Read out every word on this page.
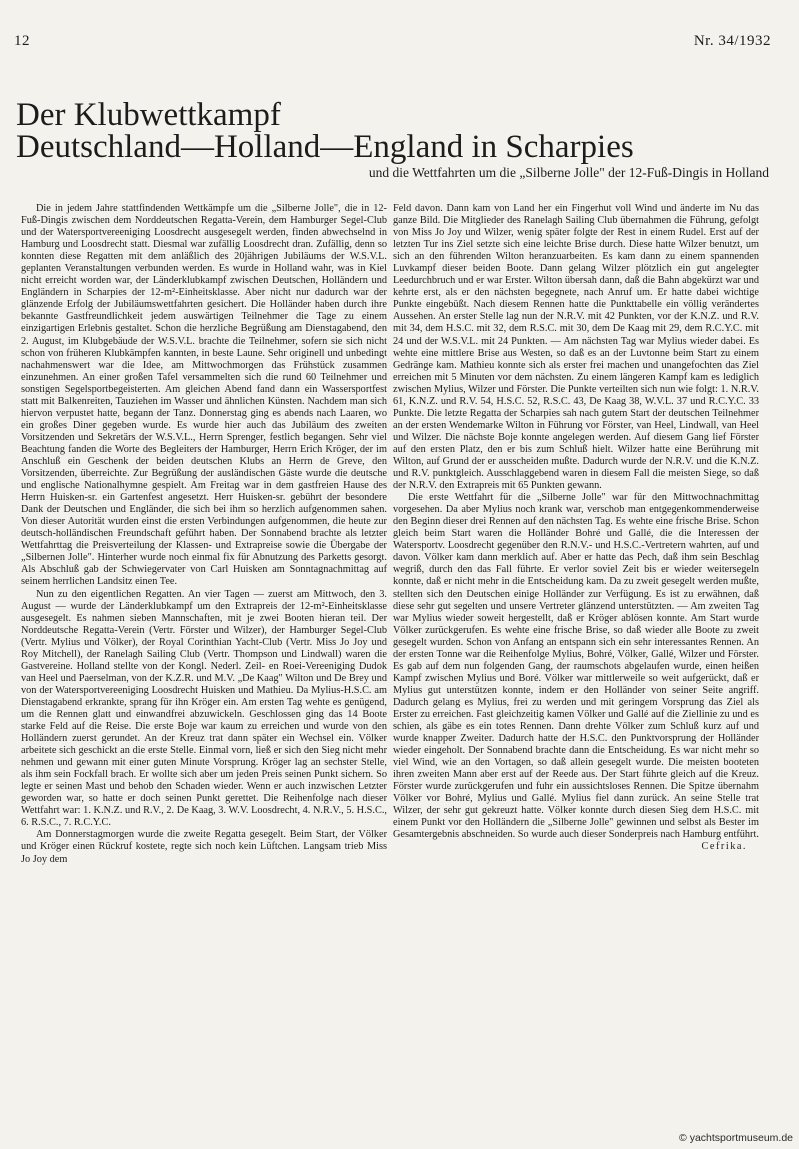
12	Nr. 34/1932
Der Klubwettkampf
Deutschland—Holland—England in Scharpies
und die Wettfahrten um die „Silberne Jolle" der 12-Fuß-Dingis in Holland

Die in jedem Jahre stattfindenden Wettkämpfe um die „Silberne Jolle", die in 12-Fuß-Dingis zwischen dem Norddeutschen Regatta-Verein, dem Hamburger Segel-Club und der Watersportvereeniging Loosdrecht ausgesegelt werden, finden abwechselnd in Hamburg und Loosdrecht statt. Diesmal war zufällig Loosdrecht dran. Zufällig, denn so konnten diese Regatten mit dem anläßlich des 20jährigen Jubiläums der W.S.V.L. geplanten Veranstaltungen verbunden werden. Es wurde in Holland wahr, was in Kiel nicht erreicht worden war, der Länderklubkampf zwischen Deutschen, Holländern und Engländern in Scharpies der 12-m²-Einheitsklasse. Aber nicht nur dadurch war der glänzende Erfolg der Jubiläumswettfahrten gesichert. Die Holländer haben durch ihre bekannte Gastfreundlichkeit jedem auswärtigen Teilnehmer die Tage zu einem einzigartigen Erlebnis gestaltet. Schon die herzliche Begrüßung am Dienstagabend, den 2. August, im Klubgebäude der W.S.V.L. brachte die Teilnehmer, sofern sie sich nicht schon von früheren Klubkämpfen kannten, in beste Laune. Sehr originell und unbedingt nachahmenswert war die Idee, am Mittwochmorgen das Frühstück zusammen einzunehmen. An einer großen Tafel versammelten sich die rund 60 Teilnehmer und sonstigen Segelsportbegeisterten. Am gleichen Abend fand dann ein Wassersportfest statt mit Balkenreiten, Tauziehen im Wasser und ähnlichen Künsten. Nachdem man sich hiervon verpustet hatte, begann der Tanz. Donnerstag ging es abends nach Laaren, wo ein großes Diner gegeben wurde. Es wurde hier auch das Jubiläum des zweiten Vorsitzenden und Sekretärs der W.S.V.L., Herrn Sprenger, festlich begangen. Sehr viel Beachtung fanden die Worte des Begleiters der Hamburger, Herrn Erich Kröger, der im Anschluß ein Geschenk der beiden deutschen Klubs an Herrn de Greve, den Vorsitzenden, überreichte. Zur Begrüßung der ausländischen Gäste wurde die deutsche und englische Nationalhymne gespielt. Am Freitag war in dem gastfreien Hause des Herrn Huisken-sr. ein Gartenfest angesetzt. Herr Huisken-sr. gebührt der besondere Dank der Deutschen und Engländer, die sich bei ihm so herzlich aufgenommen sahen. Von dieser Autorität wurden einst die ersten Verbindungen aufgenommen, die heute zur deutsch-holländischen Freundschaft geführt haben. Der Sonnabend brachte als letzter Wettfahrttag die Preisverteilung der Klassen- und Extrapreise sowie die Übergabe der „Silbernen Jolle". Hinterher wurde noch einmal fix für Abnutzung des Parketts gesorgt. Als Abschluß gab der Schwiegervater von Carl Huisken am Sonntagnachmittag auf seinem herrlichen Landsitz einen Tee.

Nun zu den eigentlichen Regatten. An vier Tagen — zuerst am Mittwoch, den 3. August — wurde der Länderklubkampf um den Extrapreis der 12-m²-Einheitsklasse ausgesegelt. Es nahmen sieben Mannschaften, mit je zwei Booten hieran teil. Der Norddeutsche Regatta-Verein (Vertr. Förster und Wilzer), der Hamburger Segel-Club (Vertr. Mylius und Völker), der Royal Corinthian Yacht-Club (Vertr. Miss Jo Joy und Roy Mitchell), der Ranelagh Sailing Club (Vertr. Thompson und Lindwall) waren die Gastvereine. Holland stellte von der Kongl. Nederl. Zeil- en Roei-Vereeniging Dudok van Heel und Paerselman, von der K.Z.R. und M.V. „De Kaag" Wilton und De Brey und von der Watersportvereeniging Loosdrecht Huisken und Mathieu. Da Mylius-H.S.C. am Dienstagabend erkrankte, sprang für ihn Kröger ein. Am ersten Tag wehte es genügend, um die Rennen glatt und einwandfrei abzuwickeln. Geschlossen ging das 14 Boote starke Feld auf die Reise. Die erste Boje war kaum zu erreichen und wurde von den Holländern zuerst gerundet. An der Kreuz trat dann später ein Wechsel ein. Völker arbeitete sich geschickt an die erste Stelle. Einmal vorn, ließ er sich den Sieg nicht mehr nehmen und gewann mit einer guten Minute Vorsprung. Kröger lag an sechster Stelle, als ihm sein Fockfall brach. Er wollte sich aber um jeden Preis seinen Punkt sichern. So legte er seinen Mast und behob den Schaden wieder. Wenn er auch inzwischen Letzter geworden war, so hatte er doch seinen Punkt gerettet. Die Reihenfolge nach dieser Wettfahrt war: 1. K.N.Z. und R.V., 2. De Kaag, 3. W.V. Loosdrecht, 4. N.R.V., 5. H.S.C., 6. R.S.C., 7. R.C.Y.C.

Am Donnerstagmorgen wurde die zweite Regatta gesegelt. Beim Start, der Völker und Kröger einen Rückruf kostete, regte sich noch kein Lüftchen. Langsam trieb Miss Jo Joy dem

Feld davon. Dann kam von Land her ein Fingerhut voll Wind und änderte im Nu das ganze Bild. Die Mitglieder des Ranelagh Sailing Club übernahmen die Führung, gefolgt von Miss Jo Joy und Wilzer, wenig später folgte der Rest in einem Rudel. Erst auf der letzten Tur ins Ziel setzte sich eine leichte Brise durch. Diese hatte Wilzer benutzt, um sich an den führenden Wilton heranzuarbeiten. Es kam dann zu einem spannenden Luvkampf dieser beiden Boote. Dann gelang Wilzer plötzlich ein gut angelegter Leedurchbruch und er war Erster. Wilton übersah dann, daß die Bahn abgekürzt war und kehrte erst, als er den nächsten begegnete, nach Anruf um. Er hatte dabei wichtige Punkte eingebüßt. Nach diesem Rennen hatte die Punkttabelle ein völlig verändertes Aussehen. An erster Stelle lag nun der N.R.V. mit 42 Punkten, vor der K.N.Z. und R.V. mit 34, dem H.S.C. mit 32, dem R.S.C. mit 30, dem De Kaag mit 29, dem R.C.Y.C. mit 24 und der W.S.V.L. mit 24 Punkten. — Am nächsten Tag war Mylius wieder dabei. Es wehte eine mittlere Brise aus Westen, so daß es an der Luvtonne beim Start zu einem Gedränge kam. Mathieu konnte sich als erster frei machen und unangefochten das Ziel erreichen mit 5 Minuten vor dem nächsten. Zu einem längeren Kampf kam es lediglich zwischen Mylius, Wilzer und Förster. Die Punkte verteilten sich nun wie folgt: 1. N.R.V. 61, K.N.Z. und R.V. 54, H.S.C. 52, R.S.C. 43, De Kaag 38, W.V.L. 37 und R.C.Y.C. 33 Punkte. Die letzte Regatta der Scharpies sah nach gutem Start der deutschen Teilnehmer an der ersten Wendemarke Wilton in Führung vor Förster, van Heel, Lindwall, van Heel und Wilzer. Die nächste Boje konnte angelegen werden. Auf diesem Gang lief Förster auf den ersten Platz, den er bis zum Schluß hielt. Wilzer hatte eine Berührung mit Wilton, auf Grund der er ausscheiden mußte. Dadurch wurde der N.R.V. und die K.N.Z. und R.V. punktgleich. Ausschlaggebend waren in diesem Fall die meisten Siege, so daß der N.R.V. den Extrapreis mit 65 Punkten gewann.

Die erste Wettfahrt für die „Silberne Jolle" war für den Mittwochnachmittag vorgesehen. Da aber Mylius noch krank war, verschob man entgegenkommenderweise den Beginn dieser drei Rennen auf den nächsten Tag. Es wehte eine frische Brise. Schon gleich beim Start waren die Holländer Bohré und Gallé, die die Interessen der Watersportv. Loosdrecht gegenüber den R.N.V.- und H.S.C.-Vertretern wahrten, auf und davon. Völker kam dann merklich auf. Aber er hatte das Pech, daß ihm sein Beschlag wegriß, durch den das Fall führte. Er verlor soviel Zeit bis er wieder weitersegeln konnte, daß er nicht mehr in die Entscheidung kam. Da zu zweit gesegelt werden mußte, stellten sich den Deutschen einige Holländer zur Verfügung. Es ist zu erwähnen, daß diese sehr gut segelten und unsere Vertreter glänzend unterstützten. — Am zweiten Tag war Mylius wieder soweit hergestellt, daß er Kröger ablösen konnte. Am Start wurde Völker zurückgerufen. Es wehte eine frische Brise, so daß wieder alle Boote zu zweit gesegelt wurden. Schon von Anfang an entspann sich ein sehr interessantes Rennen. An der ersten Tonne war die Reihenfolge Mylius, Bohré, Völker, Gallé, Wilzer und Förster. Es gab auf dem nun folgenden Gang, der raumschots abgelaufen wurde, einen heißen Kampf zwischen Mylius und Boré. Völker war mittlerweile so weit aufgerückt, daß er Mylius gut unterstützen konnte, indem er den Holländer von seiner Seite angriff. Dadurch gelang es Mylius, frei zu werden und mit geringem Vorsprung das Ziel als Erster zu erreichen. Fast gleichzeitig kamen Völker und Gallé auf die Ziellinie zu und es schien, als gäbe es ein totes Rennen. Dann drehte Völker zum Schluß kurz auf und wurde knapper Zweiter. Dadurch hatte der H.S.C. den Punktvorsprung der Holländer wieder eingeholt. Der Sonnabend brachte dann die Entscheidung. Es war nicht mehr so viel Wind, wie an den Vortagen, so daß allein gesegelt wurde. Die meisten booteten ihren zweiten Mann aber erst auf der Reede aus. Der Start führte gleich auf die Kreuz. Förster wurde zurückgerufen und fuhr ein aussichtsloses Rennen. Die Spitze übernahm Völker vor Bohré, Mylius und Gallé. Mylius fiel dann zurück. An seine Stelle trat Wilzer, der sehr gut gekreuzt hatte. Völker konnte durch diesen Sieg dem H.S.C. mit einem Punkt vor den Holländern die „Silberne Jolle" gewinnen und selbst als Bester im Gesamtergebnis abschneiden. So wurde auch dieser Sonderpreis nach Hamburg entführt.
Cefrika.

© yachtsportmuseum.de
